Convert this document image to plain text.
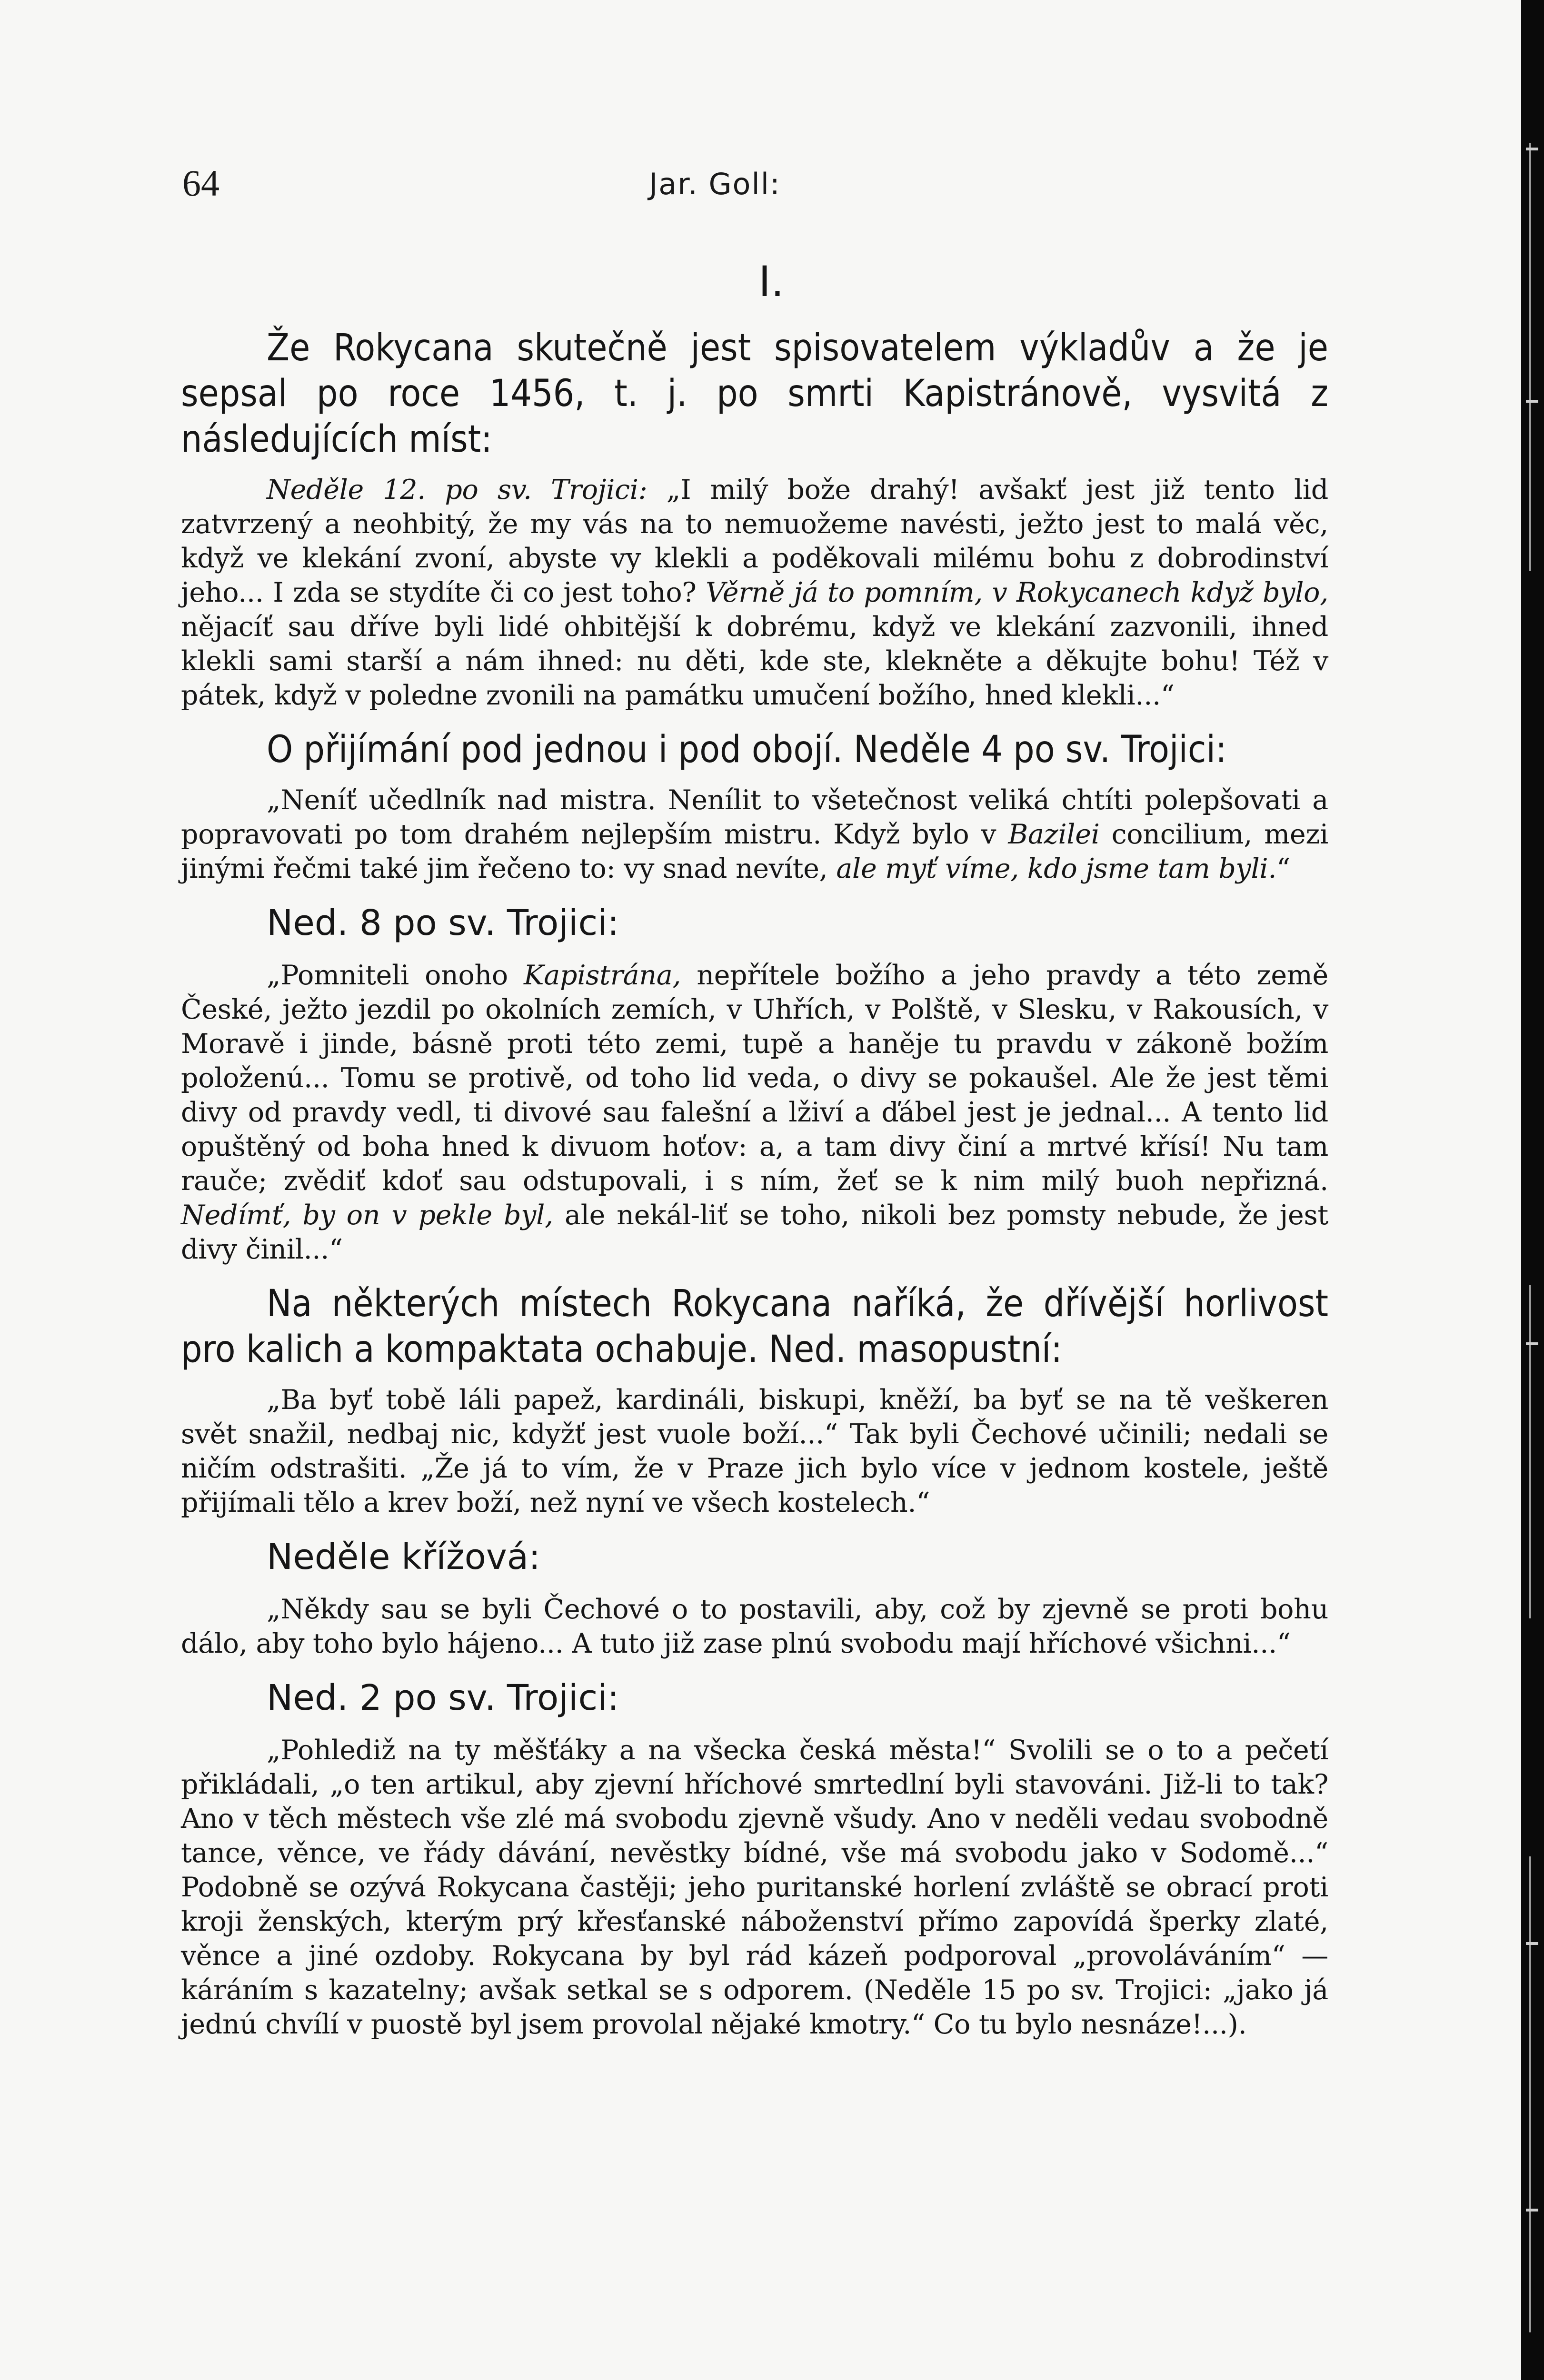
64	Jar. Goll:
I.

Že Rokycana skutečně jest spisovatelem výkladův a že je sepsal po roce 1456, t. j. po smrti Kapistránově, vysvitá z následujících míst:

Neděle 12. po sv. Trojici: „I milý bože drahý! avšakť jest již tento lid zatvrzený a neohbitý, že my vás na to nemuožeme navésti, ježto jest to malá věc, když ve klekání zvoní, abyste vy klekli a poděkovali milému bohu z dobrodinství jeho... I zda se stydíte či co jest toho? Věrně já to pomním, v Rokycanech když bylo, nějacíť sau dříve byli lidé ohbitější k dobrému, když ve klekání zazvonili, ihned klekli sami starší a nám ihned: nu děti, kde ste, klekněte a děkujte bohu! Též v pátek, když v poledne zvonili na památku umučení božího, hned klekli...“

O přijímání pod jednou i pod obojí. Neděle 4 po sv. Trojici:

„Neníť učedlník nad mistra. Nenílit to všetečnost veliká chtíti polepšovati a popravovati po tom drahém nejlepším mistru. Když bylo v Bazilei concilium, mezi jinými řečmi také jim řečeno to: vy snad nevíte, ale myť víme, kdo jsme tam byli.“

Ned. 8 po sv. Trojici:

„Pomniteli onoho Kapistrána, nepřítele božího a jeho pravdy a této země České, ježto jezdil po okolních zemích, v Uhřích, v Polště, v Slesku, v Rakousích, v Moravě i jinde, básně proti této zemi, tupě a haněje tu pravdu v zákoně božím položenú... Tomu se protivě, od toho lid veda, o divy se pokaušel. Ale že jest těmi divy od pravdy vedl, ti divové sau falešní a lživí a ďábel jest je jednal... A tento lid opuštěný od boha hned k divuom hoťov: a, a tam divy činí a mrtvé křísí! Nu tam rauče; zvědiť kdoť sau odstupovali, i s ním, žeť se k nim milý buoh nepřizná. Nedímť, by on v pekle byl, ale nekál-liť se toho, nikoli bez pomsty nebude, že jest divy činil...“

Na některých místech Rokycana naříká, že dřívější horlivost pro kalich a kompaktata ochabuje. Ned. masopustní:

„Ba byť tobě láli papež, kardináli, biskupi, kněží, ba byť se na tě veškeren svět snažil, nedbaj nic, kdyžť jest vuole boží...“ Tak byli Čechové učinili; nedali se ničím odstrašiti. „Že já to vím, že v Praze jich bylo více v jednom kostele, ještě přijímali tělo a krev boží, než nyní ve všech kostelech.“

Neděle křížová:

„Někdy sau se byli Čechové o to postavili, aby, což by zjevně se proti bohu dálo, aby toho bylo hájeno... A tuto již zase plnú svobodu mají hříchové všichni...“

Ned. 2 po sv. Trojici:

„Pohlediž na ty měšťáky a na všecka česká města!“ Svolili se o to a pečetí přikládali, „o ten artikul, aby zjevní hříchové smrtedlní byli stavováni. Již-li to tak? Ano v těch městech vše zlé má svobodu zjevně všudy. Ano v neděli vedau svobodně tance, věnce, ve řády dávání, nevěstky bídné, vše má svobodu jako v Sodomě...“ Podobně se ozývá Rokycana častěji; jeho puritanské horlení zvláště se obrací proti kroji ženských, kterým prý křesťanské náboženství přímo zapovídá šperky zlaté, věnce a jiné ozdoby. Rokycana by byl rád kázeň podporoval „provoláváním“ — káráním s kazatelny; avšak setkal se s odporem. (Neděle 15 po sv. Trojici: „jako já jednú chvílí v puostě byl jsem provolal nějaké kmotry.“ Co tu bylo nesnáze!...).
